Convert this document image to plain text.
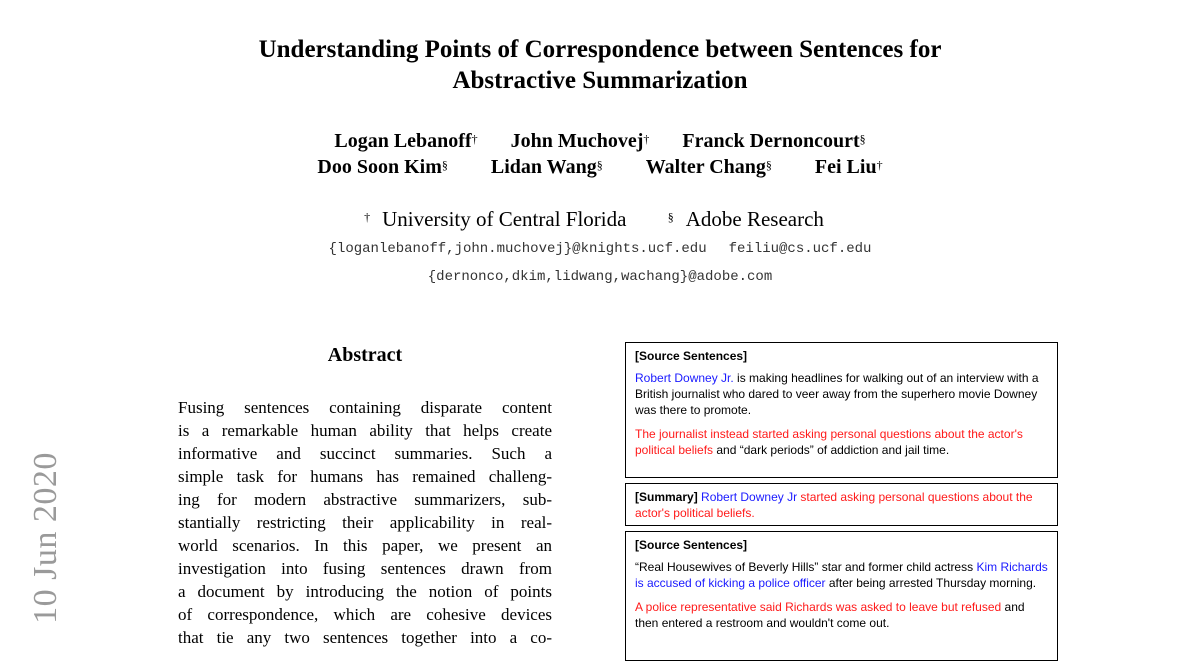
10 Jun 2020
Understanding Points of Correspondence between Sentences for
Abstractive Summarization
Logan Lebanoff† John Muchovej† Franck Dernoncourt§
Doo Soon Kim§ Lidan Wang§ Walter Chang§ Fei Liu†
† University of Central Florida	§ Adobe Research
{loganlebanoff,john.muchovej}@knights.ucf.edu feiliu@cs.ucf.edu
{dernonco,dkim,lidwang,wachang}@adobe.com
Abstract
Fusing sentences containing disparate content
is a remarkable human ability that helps create
informative and succinct summaries. Such a
simple task for humans has remained challeng-
ing for modern abstractive summarizers, sub-
stantially restricting their applicability in real-
world scenarios. In this paper, we present an
investigation into fusing sentences drawn from
a document by introducing the notion of points
of correspondence, which are cohesive devices
that tie any two sentences together into a co-
[Source Sentences]

Robert Downey Jr. is making headlines for walking out of an interview with a British journalist who dared to veer away from the superhero movie Downey was there to promote.

The journalist instead started asking personal questions about the actor's political beliefs and “dark periods” of addiction and jail time.

[Summary] Robert Downey Jr started asking personal questions about the actor's political beliefs.
[Source Sentences]

“Real Housewives of Beverly Hills” star and former child actress Kim Richards is accused of kicking a police officer after being arrested Thursday morning.

A police representative said Richards was asked to leave but refused and then entered a restroom and wouldn't come out.
